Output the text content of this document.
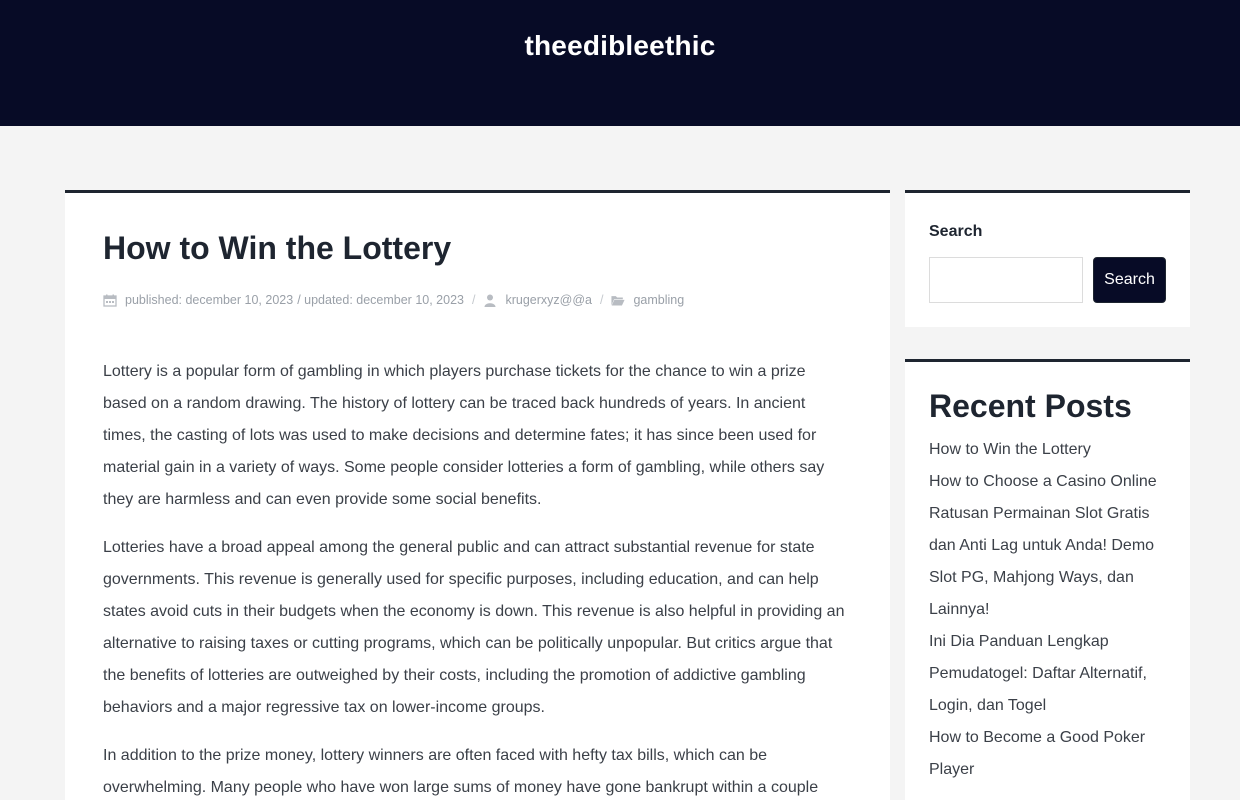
theedibleethic
How to Win the Lottery
published: december 10, 2023 / updated: december 10, 2023 / krugerxyz@@a / gambling

Lottery is a popular form of gambling in which players purchase tickets for the chance to win a prize based on a random drawing. The history of lottery can be traced back hundreds of years. In ancient times, the casting of lots was used to make decisions and determine fates; it has since been used for material gain in a variety of ways. Some people consider lotteries a form of gambling, while others say they are harmless and can even provide some social benefits.

Lotteries have a broad appeal among the general public and can attract substantial revenue for state governments. This revenue is generally used for specific purposes, including education, and can help states avoid cuts in their budgets when the economy is down. This revenue is also helpful in providing an alternative to raising taxes or cutting programs, which can be politically unpopular. But critics argue that the benefits of lotteries are outweighed by their costs, including the promotion of addictive gambling behaviors and a major regressive tax on lower-income groups.

In addition to the prize money, lottery winners are often faced with hefty tax bills, which can be overwhelming. Many people who have won large sums of money have gone bankrupt within a couple

Search
Search
Recent Posts
How to Win the Lottery
How to Choose a Casino Online
Ratusan Permainan Slot Gratis dan Anti Lag untuk Anda! Demo Slot PG, Mahjong Ways, dan Lainnya!
Ini Dia Panduan Lengkap Pemudatogel: Daftar Alternatif, Login, dan Togel
How to Become a Good Poker Player
